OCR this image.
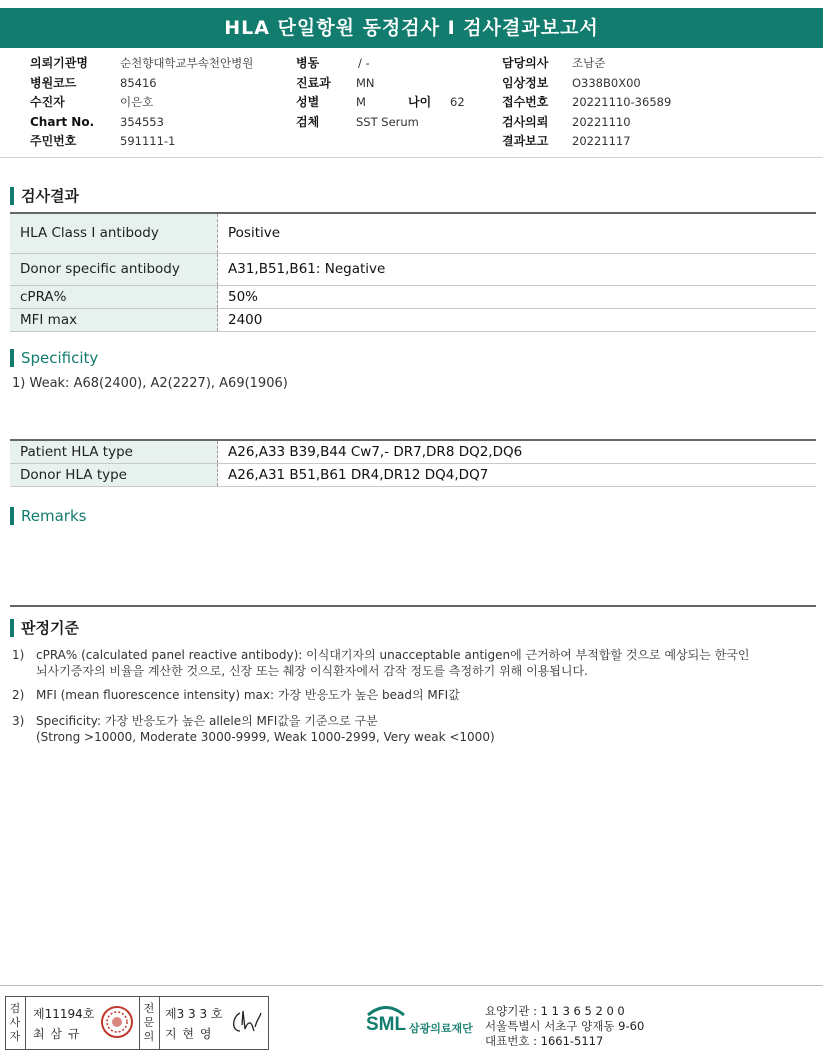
HLA 단일항원 동정검사 I 검사결과보고서
의뢰기관명	순천향대학교부속천안병원
병원코드	85416
수진자	이은호
Chart No. 354553
주민번호	591111-1
병동	/ -
진료과 MN
성별	M	나이 62
검체	SST Serum
담당의사 조남준
임상정보 O338B0X00
접수번호 20221110-36589
검사의뢰 20221110
결과보고 20221117
검사결과
HLA Class I antibody	Positive
Donor specific antibody	A31,B51,B61: Negative
cPRA%	50%
MFI max	2400
Specificity
1) Weak: A68(2400), A2(2227), A69(1906)
Patient HLA type	A26,A33 B39,B44 Cw7,- DR7,DR8 DQ2,DQ6
Donor HLA type	A26,A31 B51,B61 DR4,DR12 DQ4,DQ7
Remarks
판정기준
1) cPRA% (calculated panel reactive antibody): 이식대기자의 unacceptable antigen에 근거하여 부적합할 것으로 예상되는 한국인
뇌사기증자의 비율을 계산한 것으로, 신장 또는 췌장 이식환자에서 감작 정도를 측정하기 위해 이용됩니다.
2) MFI (mean fluorescence intensity) max: 가장 반응도가 높은 bead의 MFI값
3) Specificity: 가장 반응도가 높은 allele의 MFI값을 기준으로 구분
(Strong >10000, Moderate 3000-9999, Weak 1000-2999, Very weak <1000)
검
사
자
제11194호
최 삼 규
전
문
의
제3 3 3 호
지 현 영	SML 삼광의료재단
요양기관 : 1 1 3 6 5 2 0 0
서울특별시 서초구 양재동 9-60
대표번호 : 1661-5117
